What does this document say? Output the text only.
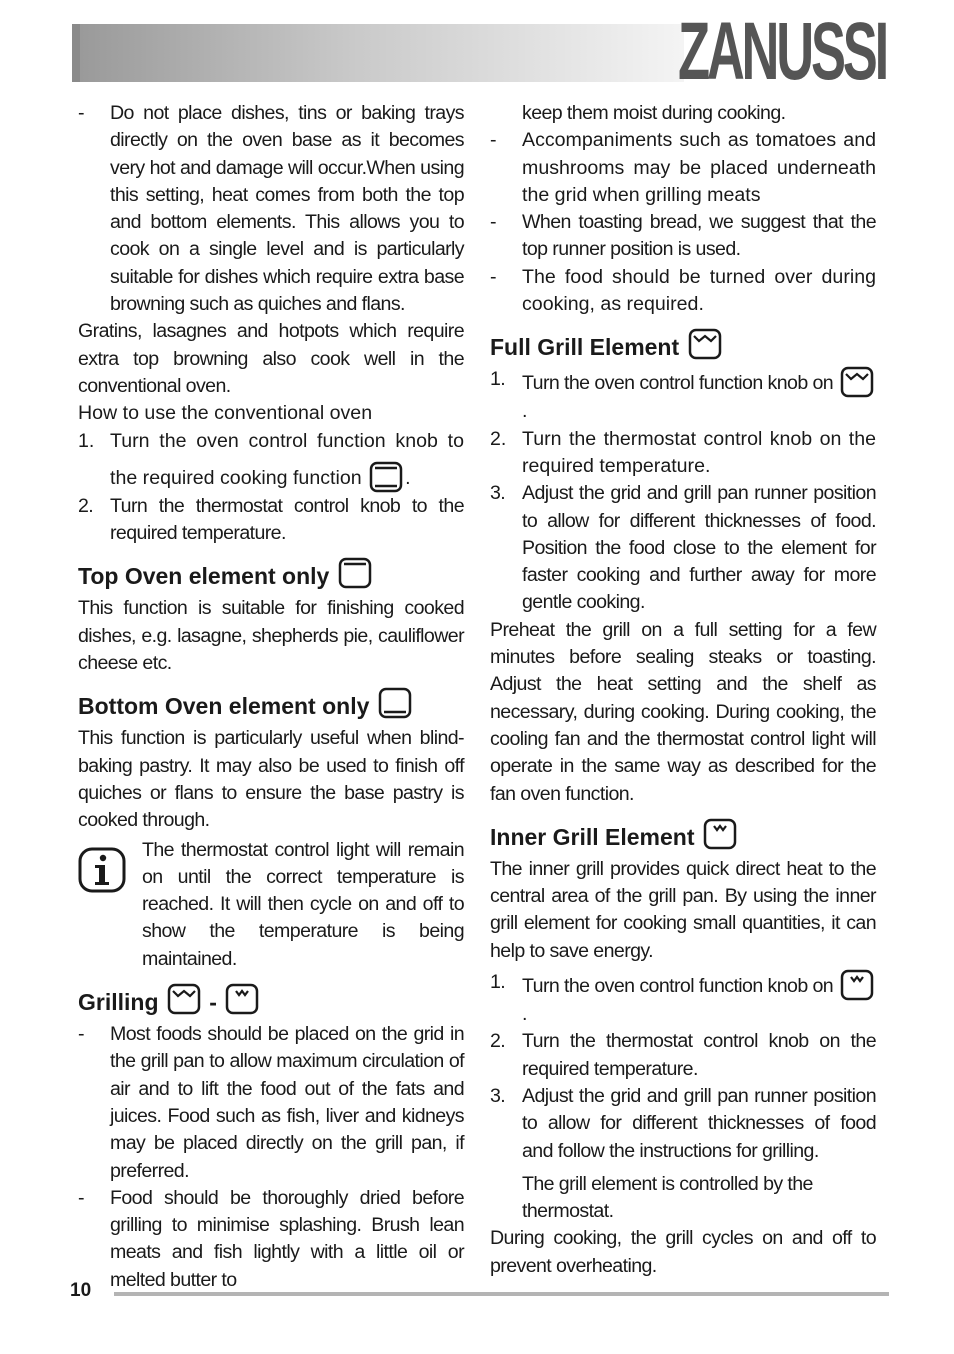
ZANUSSI
- Do not place dishes, tins or baking trays directly on the oven base as it becomes very hot and damage will occur.When using this setting, heat comes from both the top and bottom elements. This allows you to cook on a single level and is particularly suitable for dishes which require extra base browning such as quiches and flans.

Gratins, lasagnes and hotpots which require extra top browning also cook well in the conventional oven.

How to use the conventional oven

1. Turn the oven control function knob to the required cooking function .
2. Turn the thermostat control knob to the required temperature.
Top Oven element only

This function is suitable for finishing cooked dishes, e.g. lasagne, shepherds pie, cauliflower cheese etc.

Bottom Oven element only

This function is particularly useful when blind-baking pastry. It may also be used to finish off quiches or flans to ensure the base pastry is cooked through.

The thermostat control light will remain on until the correct temperature is reached. It will then cycle on and off to show the temperature is being maintained.
Grilling -
- Most foods should be placed on the grid in the grill pan to allow maximum circulation of air and to lift the food out of the fats and juices. Food such as fish, liver and kidneys may be placed directly on the grill pan, if preferred.
- Food should be thoroughly dried before grilling to minimise splashing. Brush lean meats and fish lightly with a little oil or melted butter to

keep them moist during cooking.

- Accompaniments such as tomatoes and mushrooms may be placed underneath the grid when grilling meats
- When toasting bread, we suggest that the top runner position is used.
- The food should be turned over during cooking, as required.
Full Grill Element
1. Turn the oven control function knob on .
2. Turn the thermostat control knob on the required temperature.
3. Adjust the grid and grill pan runner position to allow for different thicknesses of food. Position the food close to the element for faster cooking and further away for more gentle cooking.

Preheat the grill on a full setting for a few minutes before sealing steaks or toasting. Adjust the heat setting and the shelf as necessary, during cooking. During cooking, the cooling fan and the thermostat control light will operate in the same way as described for the fan oven function.

Inner Grill Element

The inner grill provides quick direct heat to the central area of the grill pan. By using the inner grill element for cooking small quantities, it can help to save energy.

1. Turn the oven control function knob on .
2. Turn the thermostat control knob on the required temperature.
3. Adjust the grid and grill pan runner position to allow for different thicknesses of food and follow the instructions for grilling.

The grill element is controlled by the thermostat.

During cooking, the grill cycles on and off to prevent overheating.

10
